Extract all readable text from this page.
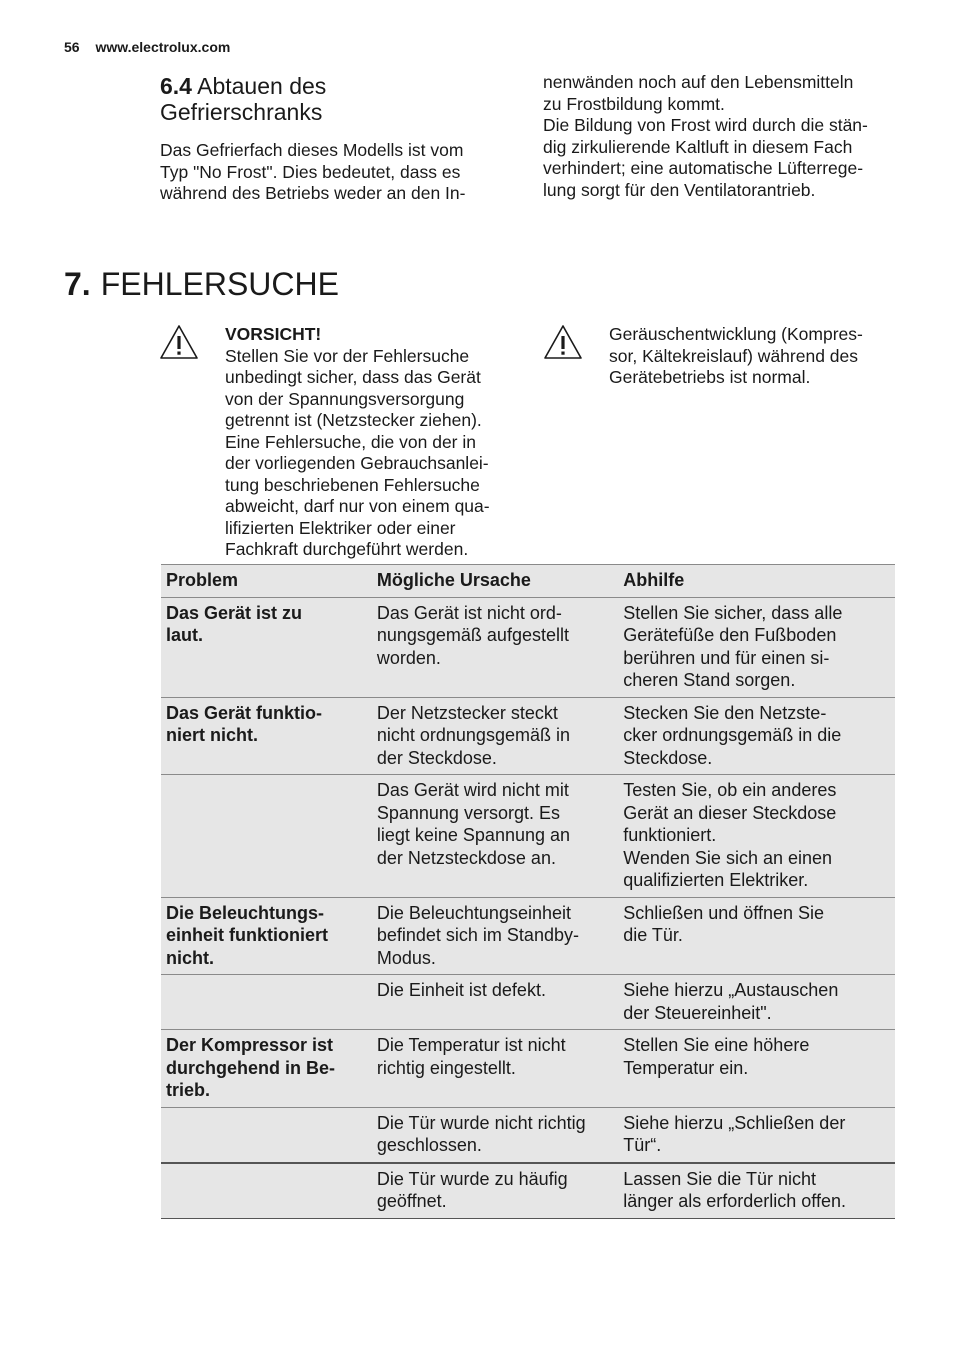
56 www.electrolux.com
6.4 Abtauen des
Gefrierschranks

Das Gefrierfach dieses Modells ist vom

Typ "No Frost". Dies bedeutet, dass es

während des Betriebs weder an den In-

nenwänden noch auf den Lebensmitteln

zu Frostbildung kommt.

Die Bildung von Frost wird durch die stän-

dig zirkulierende Kaltluft in diesem Fach

verhindert; eine automatische Lüfterrege-

lung sorgt für den Ventilatorantrieb.

7. FEHLERSUCHE

VORSICHT!

Stellen Sie vor der Fehlersuche

unbedingt sicher, dass das Gerät

von der Spannungsversorgung

getrennt ist (Netzstecker ziehen).

Eine Fehlersuche, die von der in

der vorliegenden Gebrauchsanlei-

tung beschriebenen Fehlersuche

abweicht, darf nur von einem qua-

lifizierten Elektriker oder einer

Fachkraft durchgeführt werden.

Geräuschentwicklung (Kompres-

sor, Kältekreislauf) während des

Gerätebetriebs ist normal.

Problem	Mögliche Ursache	Abhilfe
Das Gerät ist zu
laut.	Das Gerät ist nicht ord-
nungsgemäß aufgestellt
worden.	Stellen Sie sicher, dass alle
Gerätefüße den Fußboden
berühren und für einen si-
cheren Stand sorgen.
Das Gerät funktio-
niert nicht.	Der Netzstecker steckt
nicht ordnungsgemäß in
der Steckdose.	Stecken Sie den Netzste-
cker ordnungsgemäß in die
Steckdose.
	Das Gerät wird nicht mit
Spannung versorgt. Es
liegt keine Spannung an
der Netzsteckdose an.	Testen Sie, ob ein anderes
Gerät an dieser Steckdose
funktioniert.
Wenden Sie sich an einen
qualifizierten Elektriker.
Die Beleuchtungs-
einheit funktioniert
nicht.	Die Beleuchtungseinheit
befindet sich im Standby-
Modus.	Schließen und öffnen Sie
die Tür.
	Die Einheit ist defekt.	Siehe hierzu „Austauschen
der Steuereinheit".
Der Kompressor ist
durchgehend in Be-
trieb.	Die Temperatur ist nicht
richtig eingestellt.	Stellen Sie eine höhere
Temperatur ein.
	Die Tür wurde nicht richtig
geschlossen.	Siehe hierzu „Schließen der
Tür“.
	Die Tür wurde zu häufig
geöffnet.	Lassen Sie die Tür nicht
länger als erforderlich offen.
